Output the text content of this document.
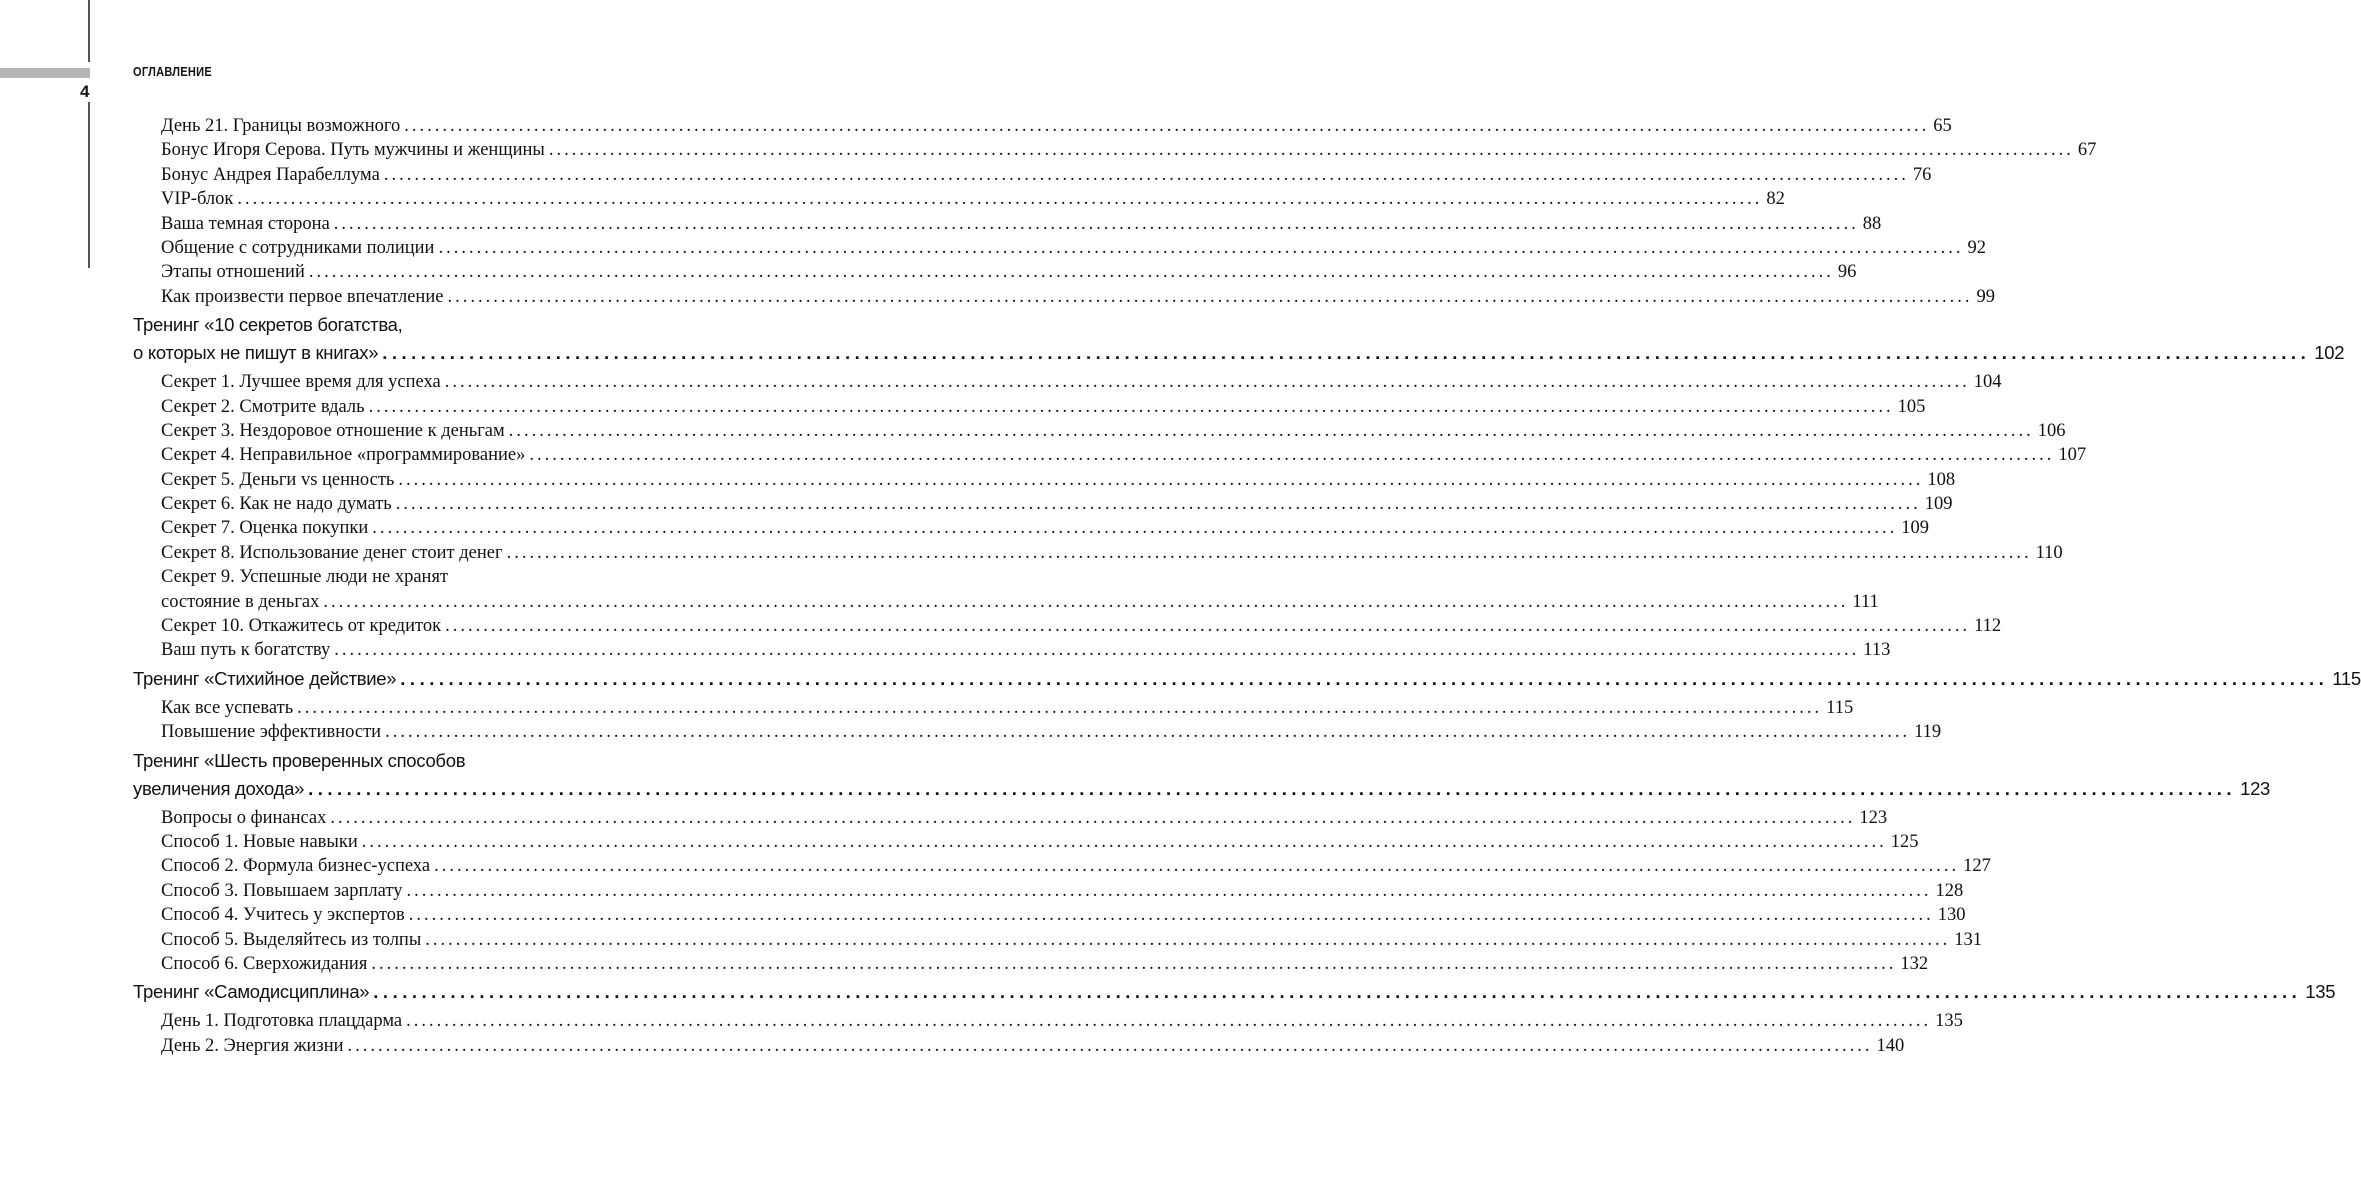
4
ОГЛАВЛЕНИЕ
День 21. Границы возможного ........................................................................................................................................................................................................ 65
Бонус Игоря Серова. Путь мужчины и женщины ........................................................................................................................................................................................................ 67
Бонус Андрея Парабеллума ........................................................................................................................................................................................................ 76
VIP-блок ........................................................................................................................................................................................................ 82
Ваша темная сторона ........................................................................................................................................................................................................ 88
Общение с сотрудниками полиции ........................................................................................................................................................................................................ 92
Этапы отношений ........................................................................................................................................................................................................ 96
Как произвести первое впечатление ........................................................................................................................................................................................................ 99
Тренинг «10 секретов богатства,
о которых не пишут в книгах» ........................................................................................................................................................................................................ 102
Секрет 1. Лучшее время для успеха ........................................................................................................................................................................................................ 104
Секрет 2. Смотрите вдаль ........................................................................................................................................................................................................ 105
Секрет 3. Нездоровое отношение к деньгам ........................................................................................................................................................................................................ 106
Секрет 4. Неправильное «программирование» ........................................................................................................................................................................................................ 107
Секрет 5. Деньги vs ценность ........................................................................................................................................................................................................ 108
Секрет 6. Как не надо думать ........................................................................................................................................................................................................ 109
Секрет 7. Оценка покупки ........................................................................................................................................................................................................ 109
Секрет 8. Использование денег стоит денег ........................................................................................................................................................................................................ 110
Секрет 9. Успешные люди не хранят
состояние в деньгах ........................................................................................................................................................................................................ 111
Секрет 10. Откажитесь от кредиток ........................................................................................................................................................................................................ 112
Ваш путь к богатству ........................................................................................................................................................................................................ 113
Тренинг «Стихийное действие» ........................................................................................................................................................................................................ 115
Как все успевать ........................................................................................................................................................................................................ 115
Повышение эффективности ........................................................................................................................................................................................................ 119
Тренинг «Шесть проверенных способов
увеличения дохода» ........................................................................................................................................................................................................ 123
Вопросы о финансах ........................................................................................................................................................................................................ 123
Способ 1. Новые навыки ........................................................................................................................................................................................................ 125
Способ 2. Формула бизнес-успеха ........................................................................................................................................................................................................ 127
Способ 3. Повышаем зарплату ........................................................................................................................................................................................................ 128
Способ 4. Учитесь у экспертов ........................................................................................................................................................................................................ 130
Способ 5. Выделяйтесь из толпы ........................................................................................................................................................................................................ 131
Способ 6. Сверхожидания ........................................................................................................................................................................................................ 132
Тренинг «Самодисциплина» ........................................................................................................................................................................................................ 135
День 1. Подготовка плацдарма ........................................................................................................................................................................................................ 135
День 2. Энергия жизни ........................................................................................................................................................................................................ 140
